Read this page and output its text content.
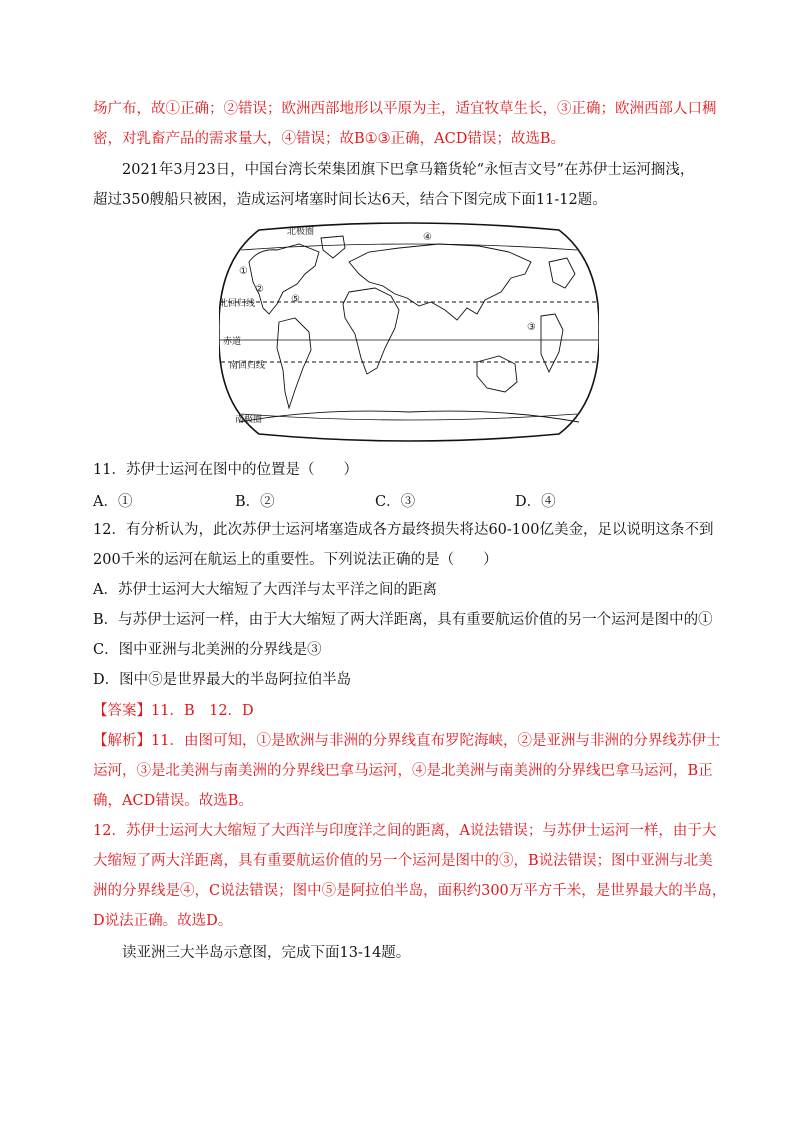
场广布，故①正确；②错误；欧洲西部地形以平原为主，适宜牧草生长，③正确；欧洲西部人口稠
密，对乳畜产品的需求量大，④错误；故B①③正确，ACD错误；故选B。
2021年3月23日，中国台湾长荣集团旗下巴拿马籍货轮“永恒吉文号”在苏伊士运河搁浅，
超过350艘船只被困，造成运河堵塞时间长达6天，结合下图完成下面11-12题。
北极圈
北回归线
赤道
南回归线
南极圈
①
②
③
④
⑤
11．苏伊士运河在图中的位置是（　　）
A．①	B．②	C．③	D．④
12．有分析认为，此次苏伊士运河堵塞造成各方最终损失将达60-100亿美金，足以说明这条不到
200千米的运河在航运上的重要性。下列说法正确的是（　　）
A．苏伊士运河大大缩短了大西洋与太平洋之间的距离
B．与苏伊士运河一样，由于大大缩短了两大洋距离，具有重要航运价值的另一个运河是图中的①
C．图中亚洲与北美洲的分界线是③
D．图中⑤是世界最大的半岛阿拉伯半岛
【答案】11．B　12．D
【解析】11．由图可知，①是欧洲与非洲的分界线直布罗陀海峡，②是亚洲与非洲的分界线苏伊士
运河，③是北美洲与南美洲的分界线巴拿马运河，④是北美洲与南美洲的分界线巴拿马运河，B正
确，ACD错误。故选B。
12．苏伊士运河大大缩短了大西洋与印度洋之间的距离，A说法错误；与苏伊士运河一样，由于大
大缩短了两大洋距离，具有重要航运价值的另一个运河是图中的③，B说法错误；图中亚洲与北美
洲的分界线是④，C说法错误；图中⑤是阿拉伯半岛，面积约300万平方千米，是世界最大的半岛，
D说法正确。故选D。
读亚洲三大半岛示意图，完成下面13-14题。
